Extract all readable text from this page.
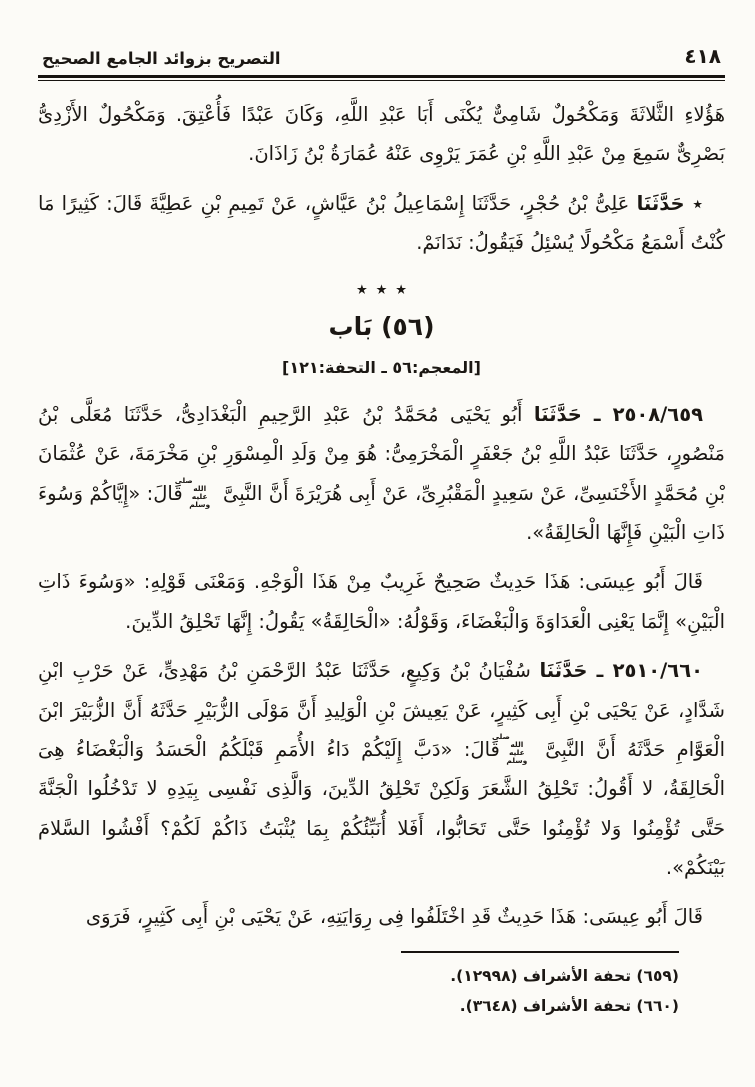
٤١٨
التصريح بزوائد الجامع الصحيح

هَؤُلاءِ الثَّلاثَةَ وَمَكْحُولٌ شَامِىٌّ يُكْنَى أَبَا عَبْدِ اللَّهِ، وَكَانَ عَبْدًا فَأُعْتِقَ. وَمَكْحُولٌ الأَزْدِىُّ بَصْرِىٌّ سَمِعَ مِنْ عَبْدِ اللَّهِ بْنِ عُمَرَ يَرْوِى عَنْهُ عُمَارَةُ بْنُ زَاذَانَ.

٭ حَدَّثَنَا عَلِىُّ بْنُ حُجْرٍ، حَدَّثَنَا إِسْمَاعِيلُ بْنُ عَيَّاشٍ، عَنْ تَمِيمِ بْنِ عَطِيَّةَ قَالَ: كَثِيرًا مَا كُنْتُ أَسْمَعُ مَكْحُولًا يُسْئِلُ فَيَقُولُ: نَدَانَمْ.

٭ ٭ ٭
(٥٦) بَاب
[المعجم:٥٦ ـ التحفة:١٢١]

٢٥٠٨/٦٥٩ ـ حَدَّثَنَا أَبُو يَحْيَى مُحَمَّدُ بْنُ عَبْدِ الرَّحِيمِ الْبَغْدَادِىُّ، حَدَّثَنَا مُعَلَّى بْنُ مَنْصُورٍ، حَدَّثَنَا عَبْدُ اللَّهِ بْنُ جَعْفَرٍ الْمَخْرَمِىُّ: هُوَ مِنْ وَلَدِ الْمِسْوَرِ بْنِ مَخْرَمَةَ، عَنْ عُثْمَانَ بْنِ مُحَمَّدٍ الأَخْنَسِىِّ، عَنْ سَعِيدٍ الْمَقْبُرِىِّ، عَنْ أَبِى هُرَيْرَةَ أَنَّ النَّبِىَّ صلى الله عليه وسلمقَالَ: «إِيَّاكُمْ وَسُوءَ ذَاتِ الْبَيْنِ فَإِنَّهَا الْحَالِقَةُ».

قَالَ أَبُو عِيسَى: هَذَا حَدِيثٌ صَحِيحٌ غَرِيبٌ مِنْ هَذَا الْوَجْهِ. وَمَعْنَى قَوْلِهِ: «وَسُوءَ ذَاتِ الْبَيْنِ» إِنَّمَا يَعْنِى الْعَدَاوَةَ وَالْبَغْضَاءَ، وَقَوْلُهُ: «الْحَالِقَةُ» يَقُولُ: إِنَّهَا تَحْلِقُ الدِّينَ.

٢٥١٠/٦٦٠ ـ حَدَّثَنَا سُفْيَانُ بْنُ وَكِيعٍ، حَدَّثَنَا عَبْدُ الرَّحْمَنِ بْنُ مَهْدِىٍّ، عَنْ حَرْبِ ابْنِ شَدَّادٍ، عَنْ يَحْيَى بْنِ أَبِى كَثِيرٍ، عَنْ يَعِيشَ بْنِ الْوَلِيدِ أَنَّ مَوْلَى الزُّبَيْرِ حَدَّثَهُ أَنَّ الزُّبَيْرَ ابْنَ الْعَوَّامِ حَدَّثَهُ أَنَّ النَّبِىَّ صلى الله عليه وسلمقَالَ: «دَبَّ إِلَيْكُمْ دَاءُ الأُمَمِ قَبْلَكُمُ الْحَسَدُ وَالْبَغْضَاءُ هِىَ الْحَالِقَةُ، لا أَقُولُ: تَحْلِقُ الشَّعَرَ وَلَكِنْ تَحْلِقُ الدِّينَ، وَالَّذِى نَفْسِى بِيَدِهِ لا تَدْخُلُوا الْجَنَّةَ حَتَّى تُؤْمِنُوا وَلا تُؤْمِنُوا حَتَّى تَحَابُّوا، أَفَلا أُنَبِّئُكُمْ بِمَا يُثْبَتُ ذَاكُمْ لَكُمْ؟ أَفْشُوا السَّلامَ بَيْنَكُمْ».

قَالَ أَبُو عِيسَى: هَذَا حَدِيثٌ قَدِ اخْتَلَفُوا فِى رِوَايَتِهِ، عَنْ يَحْيَى بْنِ أَبِى كَثِيرٍ، فَرَوَى

(٦٥٩) تحفة الأشراف (١٢٩٩٨).
(٦٦٠) تحفة الأشراف (٣٦٤٨).
